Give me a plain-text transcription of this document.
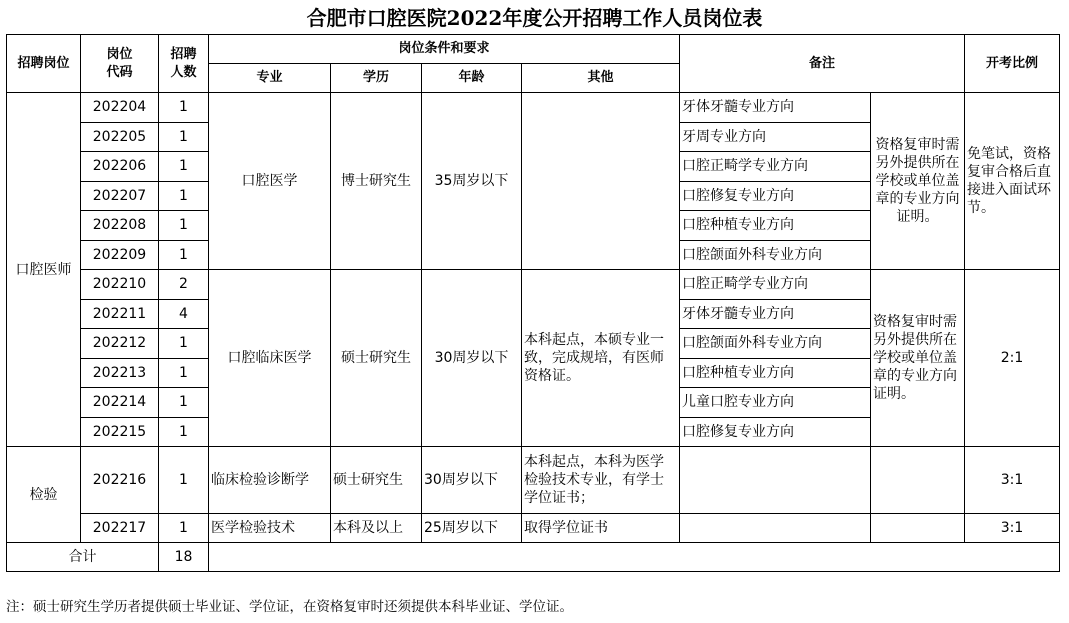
合肥市口腔医院2022年度公开招聘工作人员岗位表
招聘岗位	岗位代码	招聘人数	岗位条件和要求				备注		开考比例
			专业	学历	年龄	其他			
口腔医师	202204	1	口腔医学	博士研究生	35周岁以下		牙体牙髓专业方向	资格复审时需另外提供所在学校或单位盖章的专业方向证明。	免笔试，资格复审合格后直接进入面试环节。
	202205	1					牙周专业方向		
	202206	1					口腔正畸学专业方向		
	202207	1					口腔修复专业方向		
	202208	1					口腔种植专业方向		
	202209	1					口腔颌面外科专业方向		
	202210	2	口腔临床医学	硕士研究生	30周岁以下	本科起点，本硕专业一致，完成规培，有医师资格证。	口腔正畸学专业方向	资格复审时需另外提供所在学校或单位盖章的专业方向证明。	2:1
	202211	4					牙体牙髓专业方向		
	202212	1					口腔颌面外科专业方向		
	202213	1					口腔种植专业方向		
	202214	1					儿童口腔专业方向		
	202215	1					口腔修复专业方向		
检验	202216	1	临床检验诊断学	硕士研究生	30周岁以下	本科起点，本科为医学检验技术专业，有学士学位证书；			3:1
	202217	1	医学检验技术	本科及以上	25周岁以下	取得学位证书			3:1
合计		18							
注：硕士研究生学历者提供硕士毕业证、学位证，在资格复审时还须提供本科毕业证、学位证。
